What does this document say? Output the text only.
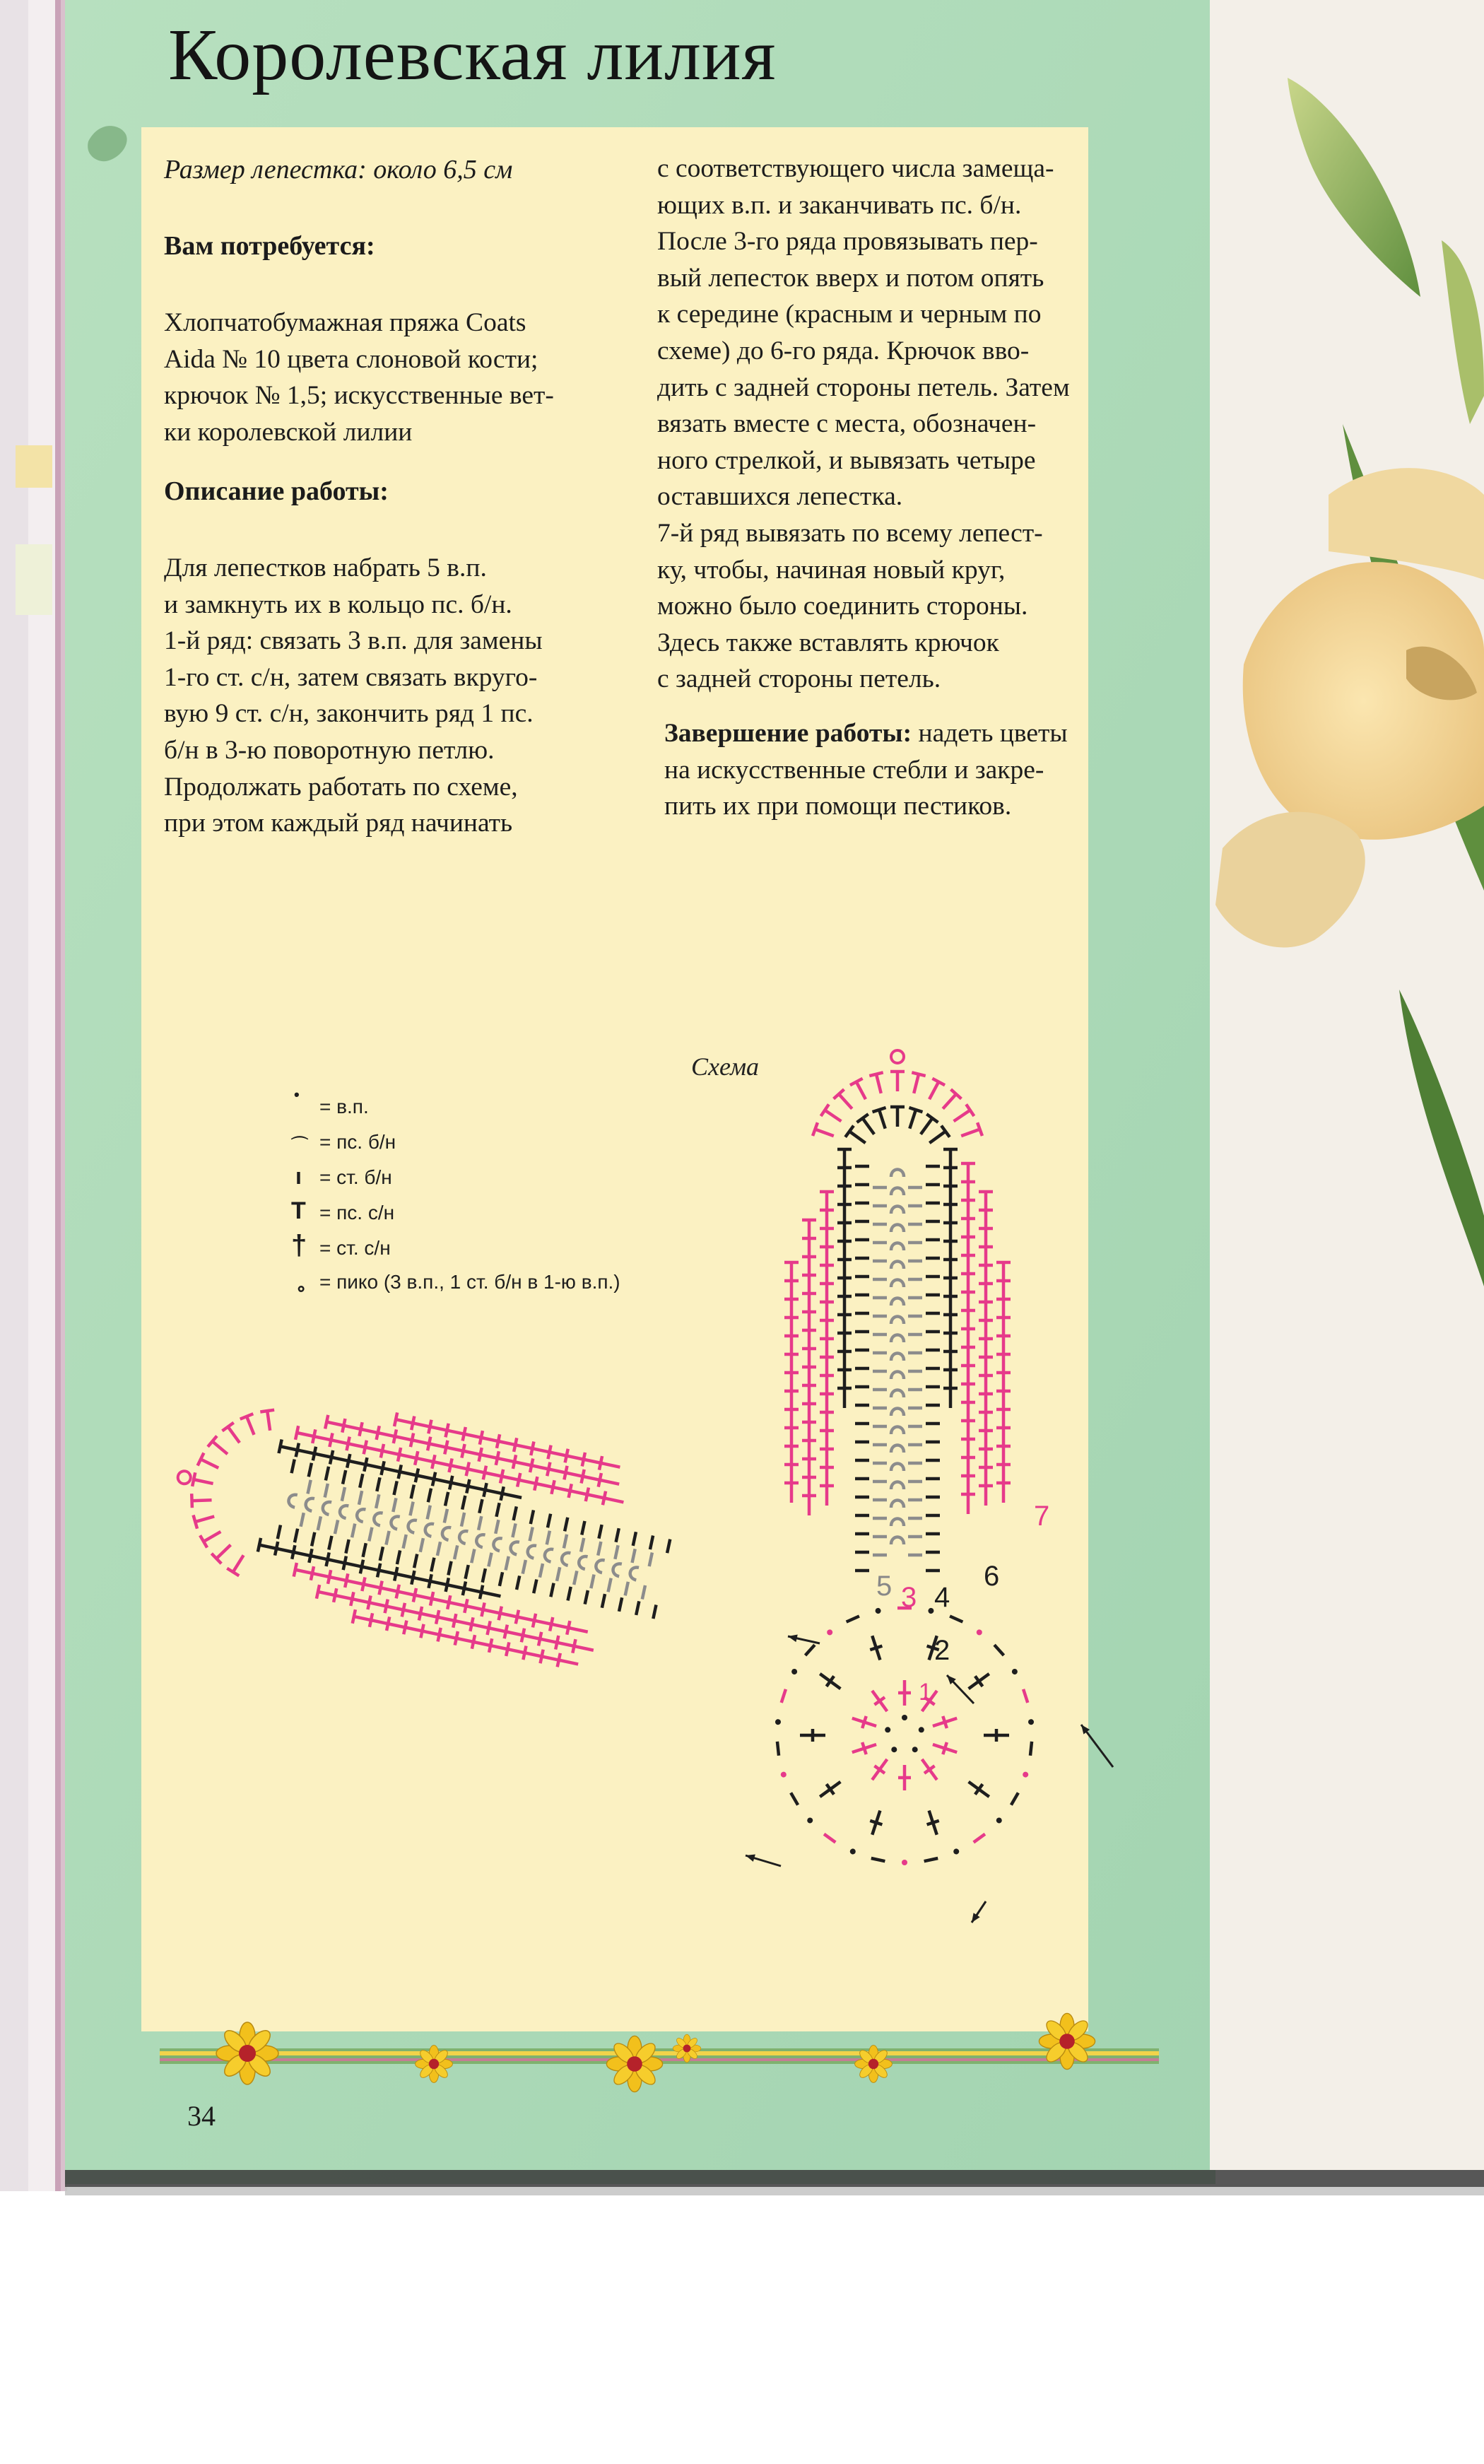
Королевская лилия
Размер лепестка: около 6,5 см
Вам потребуется:
Хлопчатобумажная пряжа Coats
Aida № 10 цвета слоновой кости;
крючок № 1,5; искусственные вет-
ки королевской лилии
Описание работы:
Для лепестков набрать 5 в.п.
и замкнуть их в кольцо пс. б/н.
1-й ряд: связать 3 в.п. для замены
1-го ст. с/н, затем связать вкруго-
вую 9 ст. с/н, закончить ряд 1 пс.
б/н в 3-ю поворотную петлю.
Продолжать работать по схеме,
при этом каждый ряд начинать
с соответствующего числа замеща-
ющих в.п. и заканчивать пс. б/н.
После 3-го ряда провязывать пер-
вый лепесток вверх и потом опять
к середине (красным и черным по
схеме) до 6-го ряда. Крючок вво-
дить с задней стороны петель. Затем
вязать вместе с места, обозначен-
ного стрелкой, и вывязать четыре
оставшихся лепестка.
7-й ряд вывязать по всему лепест-
ку, чтобы, начиная новый круг,
можно было соединить стороны.
Здесь также вставлять крючок
с задней стороны петель.
Завершение работы: надеть цветы
на искусственные стебли и закре-
пить их при помощи пестиков.
Схема
•
= в.п.
⌒ = пс. б/н
ı = ст. б/н
T = пс. с/н
† = ст. с/н
∘ = пико (3 в.п., 1 ст. б/н в 1-ю в.п.)
1
2
3 4
5	6
7
34
